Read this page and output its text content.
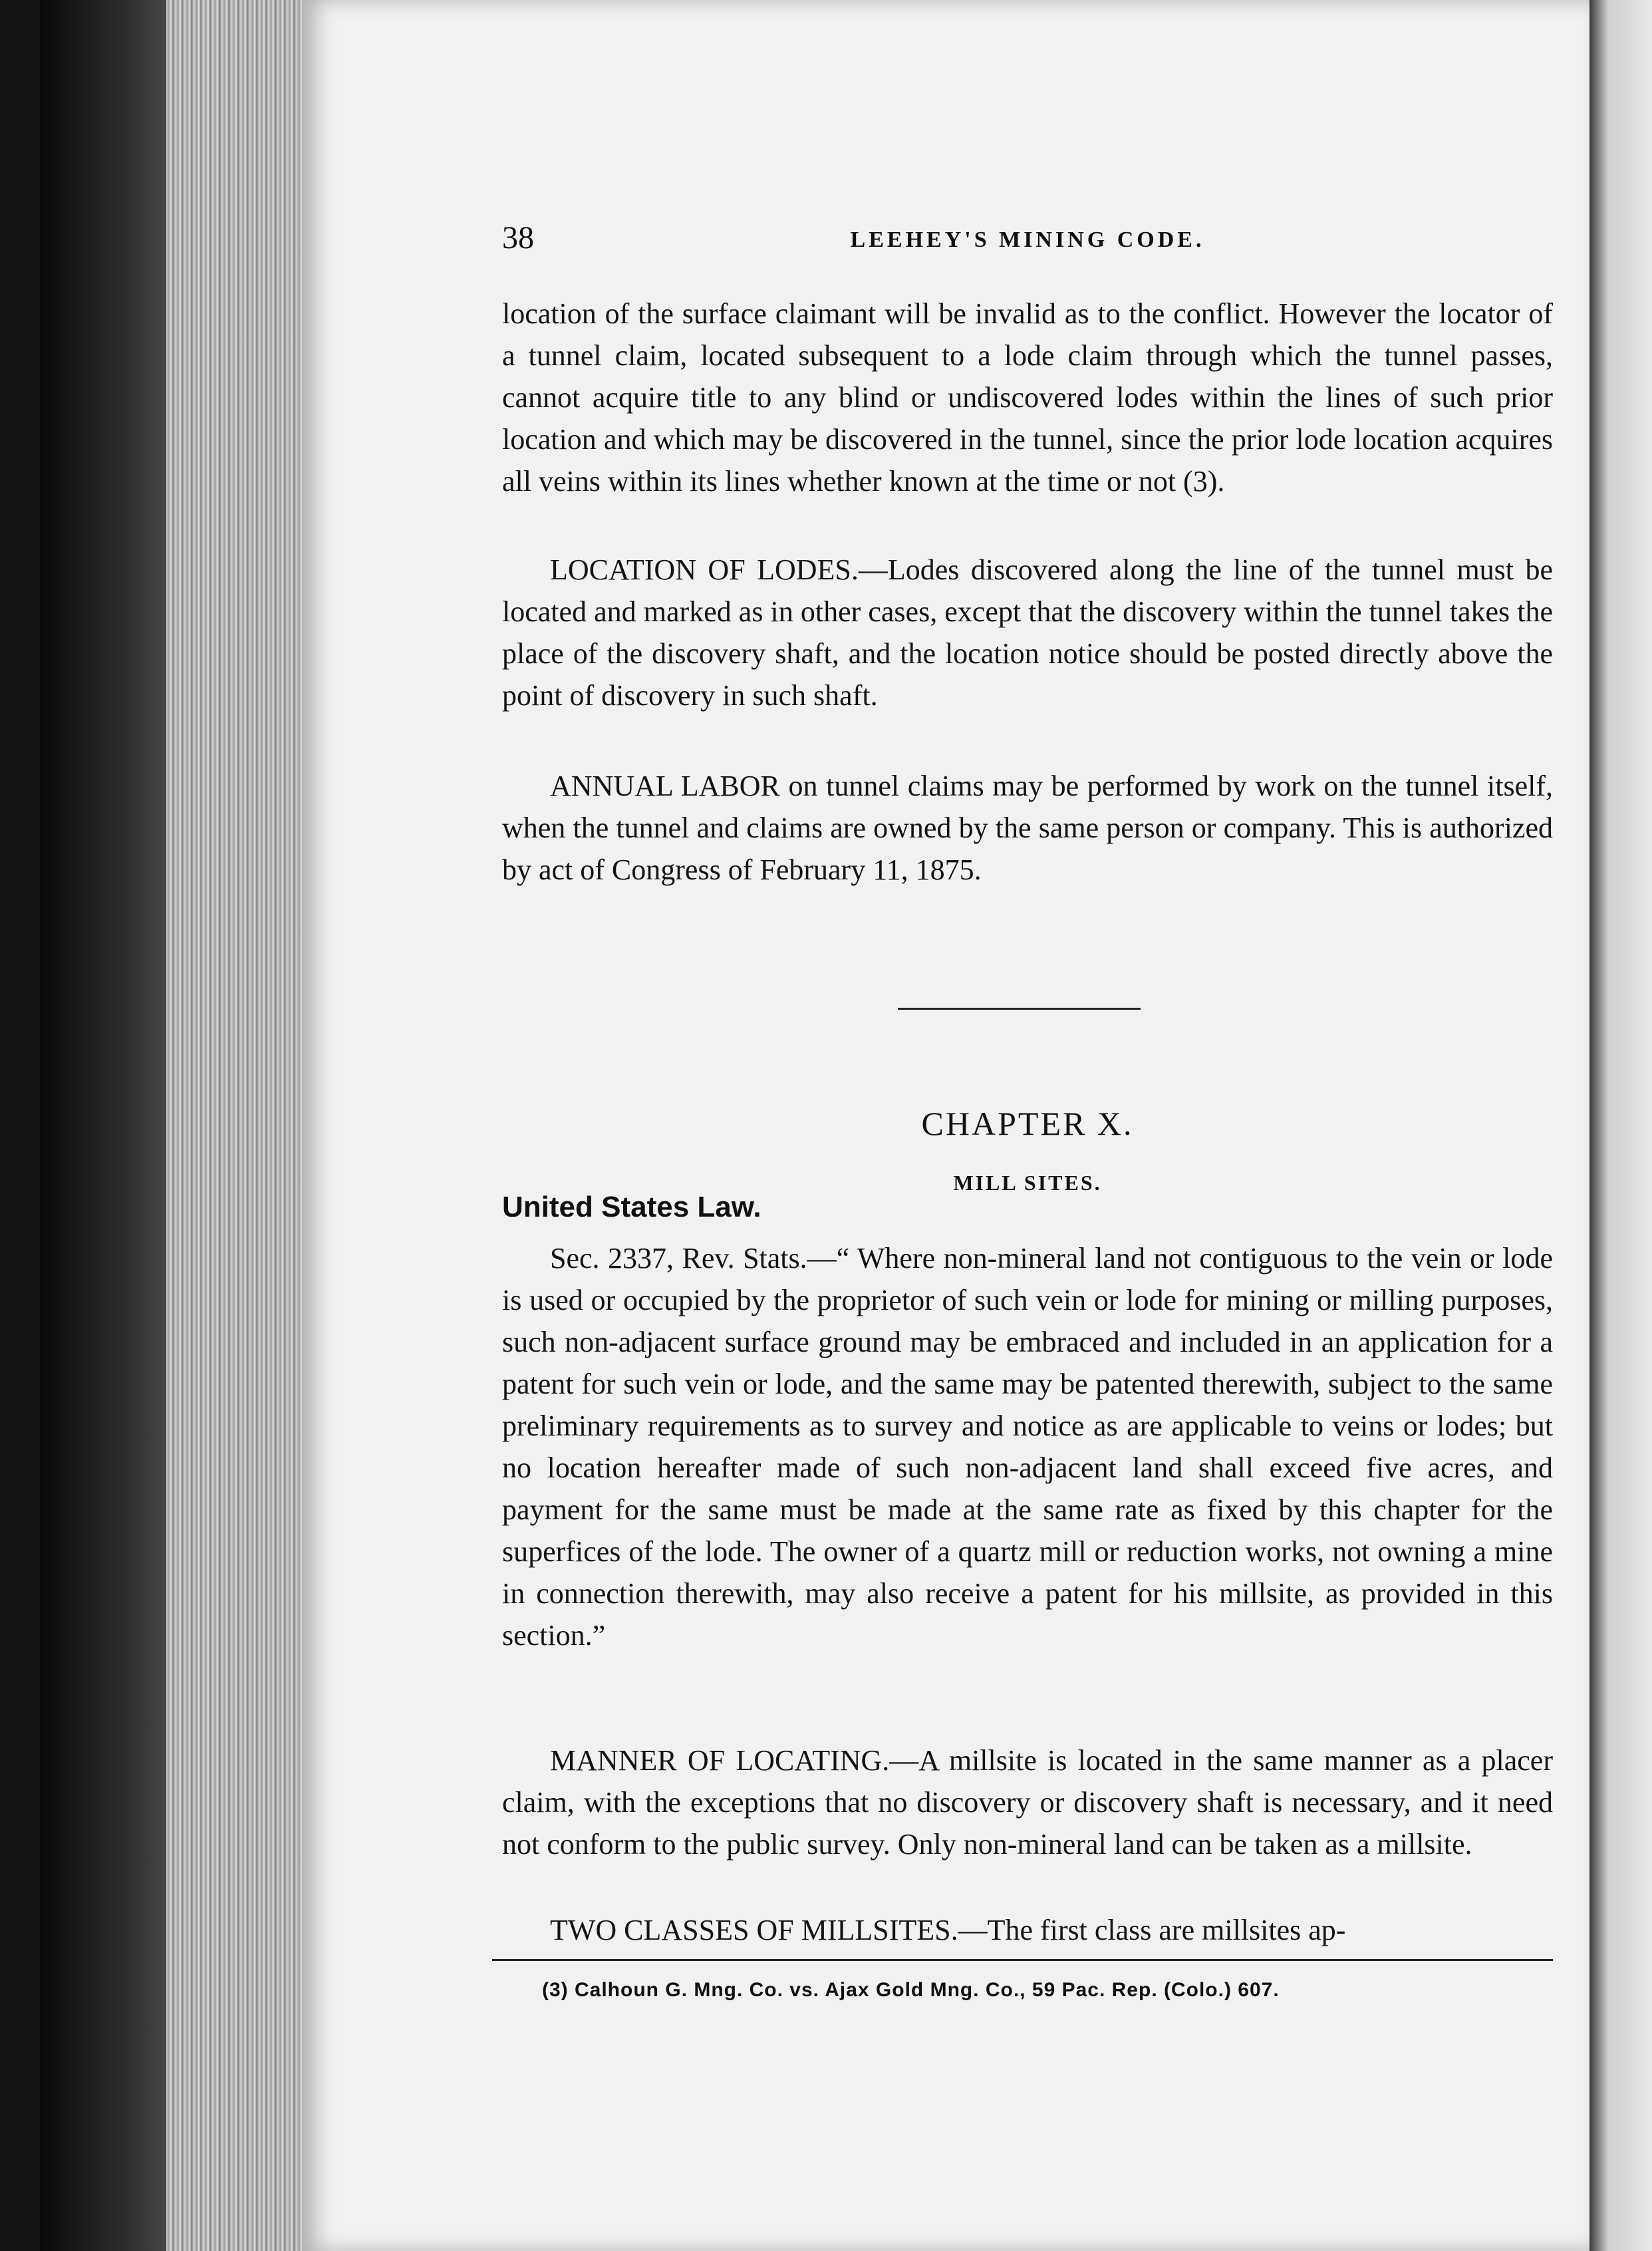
38	LEEHEY'S MINING CODE.

location of the surface claimant will be invalid as to the conflict. However the locator of a tunnel claim, located subsequent to a lode claim through which the tunnel passes, cannot acquire title to any blind or undiscovered lodes within the lines of such prior location and which may be discovered in the tunnel, since the prior lode location acquires all veins within its lines whether known at the time or not (3).

LOCATION OF LODES.—Lodes discovered along the line of the tunnel must be located and marked as in other cases, except that the discovery within the tunnel takes the place of the discovery shaft, and the location notice should be posted directly above the point of discovery in such shaft.

ANNUAL LABOR on tunnel claims may be performed by work on the tunnel itself, when the tunnel and claims are owned by the same person or company. This is authorized by act of Congress of February 11, 1875.

CHAPTER X.
MILL SITES.
United States Law.

Sec. 2337, Rev. Stats.—“ Where non-mineral land not contiguous to the vein or lode is used or occupied by the proprietor of such vein or lode for mining or milling purposes, such non-adjacent surface ground may be embraced and included in an application for a patent for such vein or lode, and the same may be patented therewith, subject to the same preliminary requirements as to survey and notice as are applicable to veins or lodes; but no location hereafter made of such non-adjacent land shall exceed five acres, and payment for the same must be made at the same rate as fixed by this chapter for the superfices of the lode. The owner of a quartz mill or reduction works, not owning a mine in connection therewith, may also receive a patent for his millsite, as provided in this section.”

MANNER OF LOCATING.—A millsite is located in the same manner as a placer claim, with the exceptions that no discovery or discovery shaft is necessary, and it need not conform to the public survey. Only non-mineral land can be taken as a millsite.

TWO CLASSES OF MILLSITES.—The first class are millsites ap-

(3) Calhoun G. Mng. Co. vs. Ajax Gold Mng. Co., 59 Pac. Rep. (Colo.) 607.
